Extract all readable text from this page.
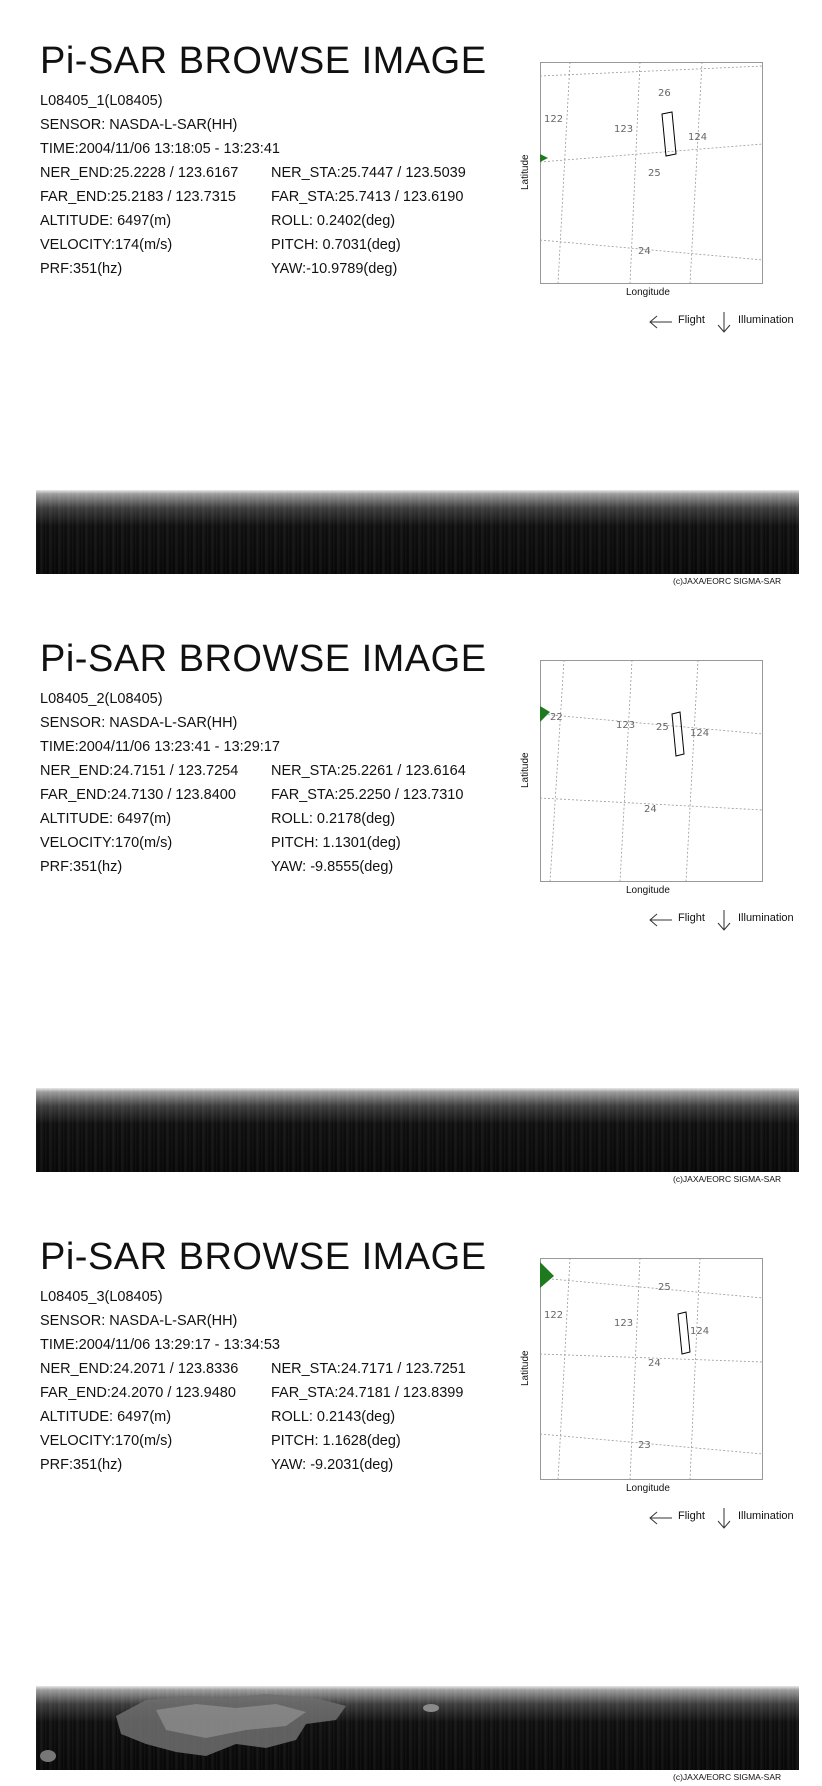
Pi-SAR BROWSE IMAGE
L08405_1(L08405)
SENSOR: NASDA-L-SAR(HH)
TIME:2004/11/06 13:18:05 - 13:23:41
NER_END:25.2228 / 123.6167 NER_STA:25.7447 / 123.5039
FAR_END:25.2183 / 123.7315 FAR_STA:25.7413 / 123.6190
ALTITUDE: 6497(m)	ROLL: 0.2402(deg)
VELOCITY:174(m/s)	PITCH: 0.7031(deg)
PRF:351(hz)	YAW:-10.9789(deg)
26
122
123
124
25
24
Longitude
Latitude
Flight	Illumination
(c)JAXA/EORC SIGMA-SAR
Pi-SAR BROWSE IMAGE
L08405_2(L08405)
SENSOR: NASDA-L-SAR(HH)
TIME:2004/11/06 13:23:41 - 13:29:17
NER_END:24.7151 / 123.7254 NER_STA:25.2261 / 123.6164
FAR_END:24.7130 / 123.8400 FAR_STA:25.2250 / 123.7310
ALTITUDE: 6497(m)	ROLL: 0.2178(deg)
VELOCITY:170(m/s)	PITCH: 1.1301(deg)
PRF:351(hz)	YAW: -9.8555(deg)
22
123 25
124
24
Longitude
Latitude
Flight	Illumination
(c)JAXA/EORC SIGMA-SAR
Pi-SAR BROWSE IMAGE
L08405_3(L08405)
SENSOR: NASDA-L-SAR(HH)
TIME:2004/11/06 13:29:17 - 13:34:53
NER_END:24.2071 / 123.8336 NER_STA:24.7171 / 123.7251
FAR_END:24.2070 / 123.9480 FAR_STA:24.7181 / 123.8399
ALTITUDE: 6497(m)	ROLL: 0.2143(deg)
VELOCITY:170(m/s)	PITCH: 1.1628(deg)
PRF:351(hz)	YAW: -9.2031(deg)
25
122
123
124
24
23
Longitude
Latitude
Flight	Illumination
(c)JAXA/EORC SIGMA-SAR
